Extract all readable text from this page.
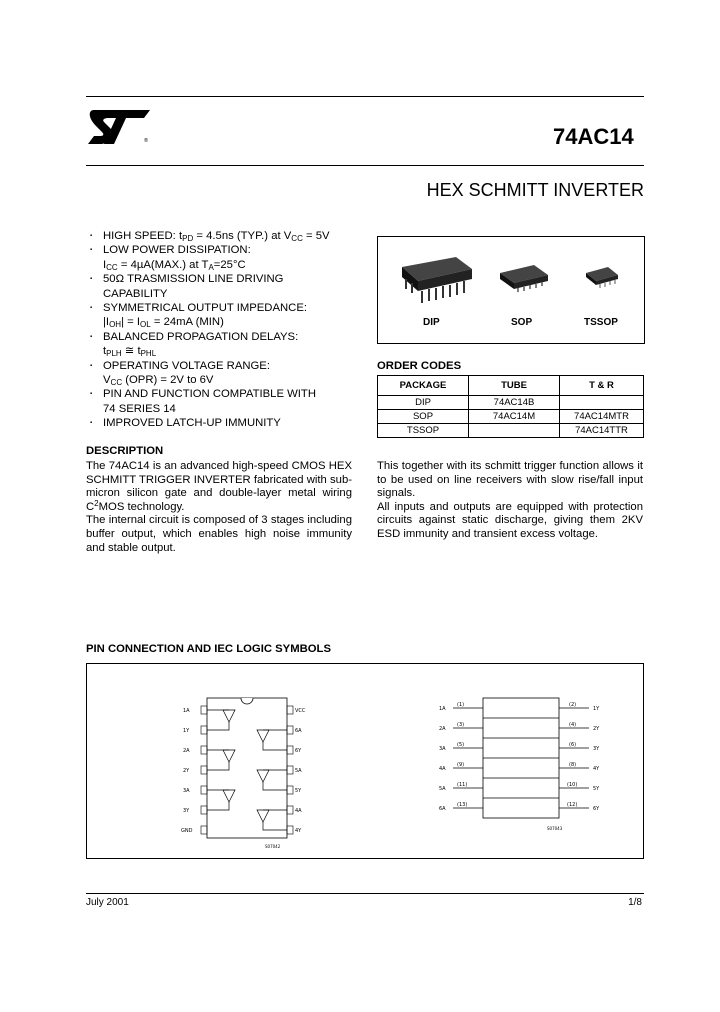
®	74AC14
HEX SCHMITT INVERTER
▪ HIGH SPEED: $t_{PD} = 4.5ns$ (TYP.) at $V_{CC} = 5V$
▪ LOW POWER DISSIPATION:
$I_{CC} = 4\mu A(MAX.)$ at $T_A=25^\circ C$
▪ 50Ω TRASMISSION LINE DRIVING
CAPABILITY
▪ SYMMETRICAL OUTPUT IMPEDANCE:
$|I_{OH}| = I_{OL} = 24mA$ (MIN)
▪ BALANCED PROPAGATION DELAYS:
$t_{PLH}$ ≅ $t_{PHL}$
▪ OPERATING VOLTAGE RANGE:
$V_{CC}$ (OPR) = 2V to 6V
▪ PIN AND FUNCTION COMPATIBLE WITH
74 SERIES 14
▪ IMPROVED LATCH-UP IMMUNITY
DIP	SOP	TSSOP
ORDER CODES
PACKAGE	TUBE	T & R
DIP	74AC14B	
SOP	74AC14M	74AC14MTR
TSSOP		74AC14TTR
DESCRIPTION
The 74AC14 is an advanced high-speed CMOS HEX SCHMITT TRIGGER INVERTER fabricated with sub-micron silicon gate and double-layer metal wiring $C^2MOS$ technology.
The internal circuit is composed of 3 stages including buffer output, which enables high noise immunity and stable output.
This together with its schmitt trigger function allows it to be used on line receivers with slow rise/fall input signals.
All inputs and outputs are equipped with protection circuits against static discharge, giving them 2KV ESD immunity and transient excess voltage.
PIN CONNECTION AND IEC LOGIC SYMBOLS
1A
1Y
2A
2Y
3A
3Y
GND
VCC
6A
6Y
5A
5Y
4A
4Y
S07042
1A
2A
3A
4A
5A
6A
(1)
(3)
(5)
(9)
(11)
(13)
(2)
(4)
(6)
(8)
(10)
(12)
1Y
2Y
3Y
4Y
5Y
6Y
S07043
July 2001	1/8
